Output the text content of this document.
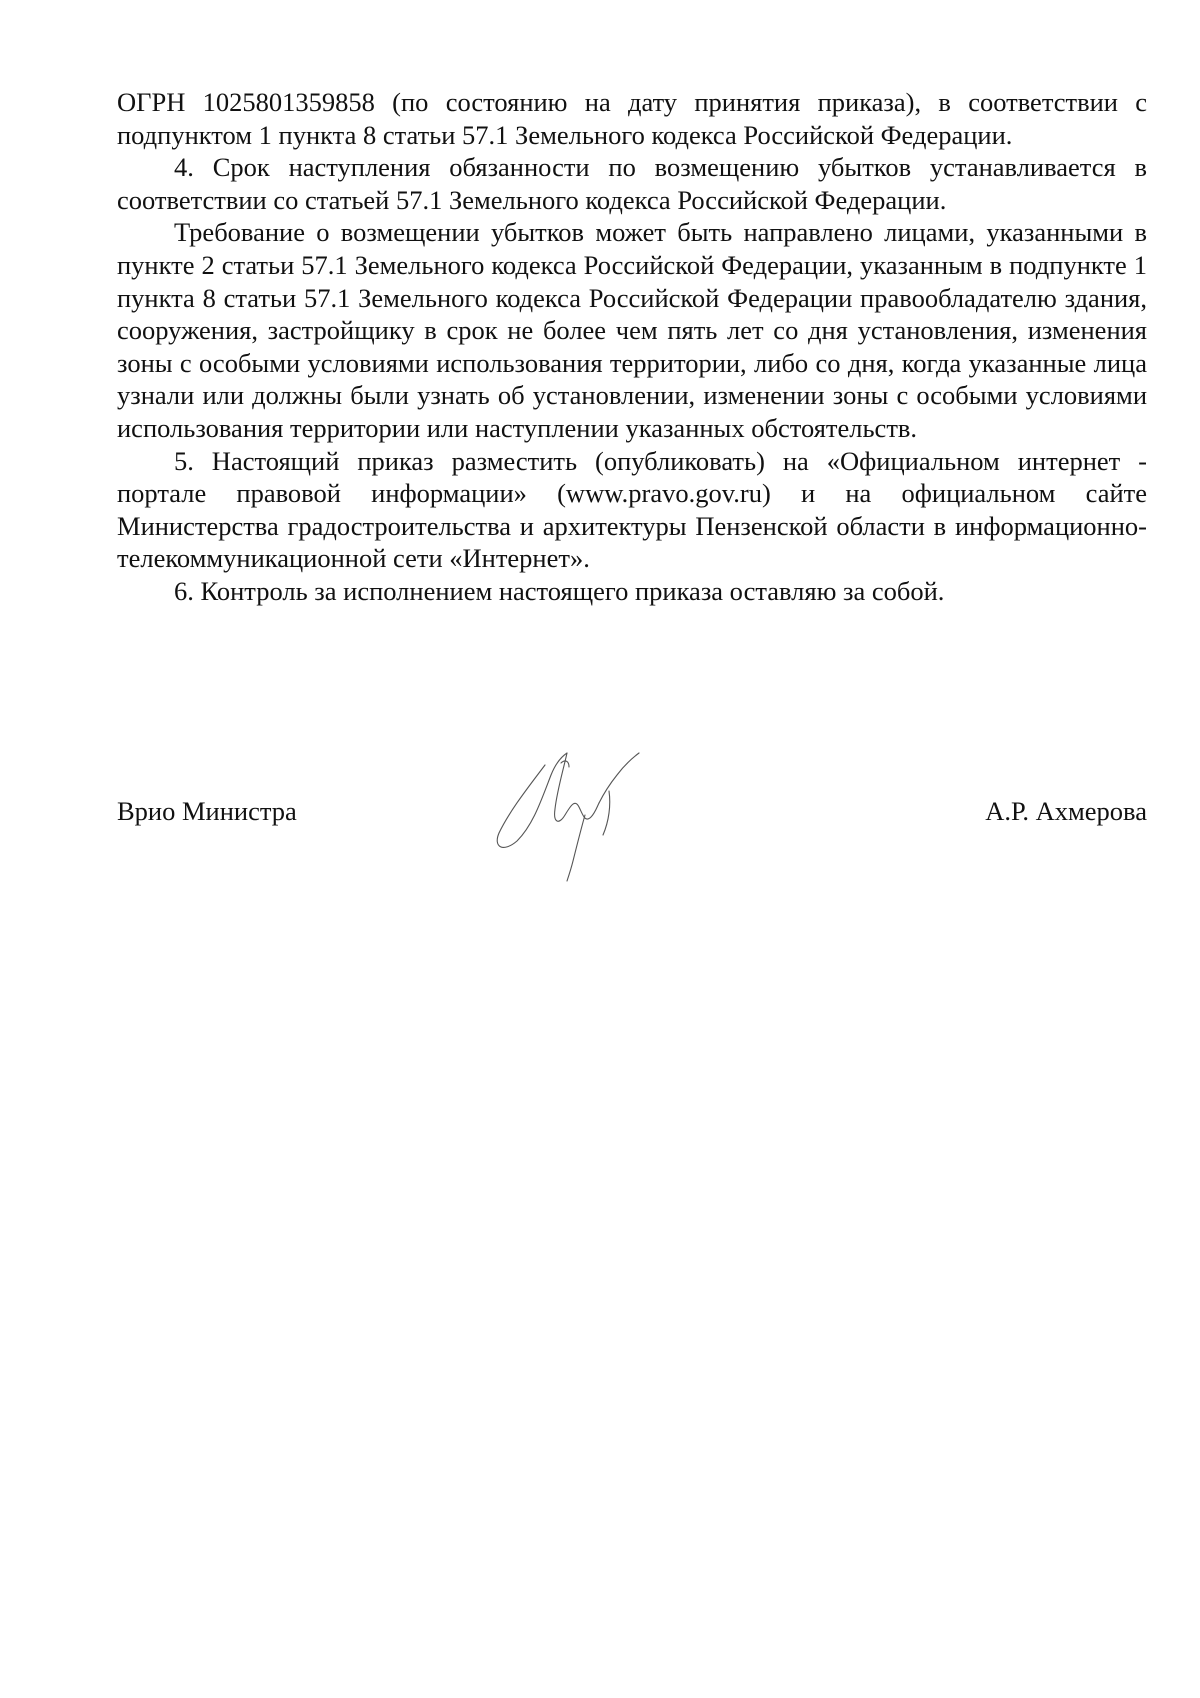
ОГРН 1025801359858 (по состоянию на дату принятия приказа), в соответствии с подпунктом 1 пункта 8 статьи 57.1 Земельного кодекса Российской Федерации.

4. Срок наступления обязанности по возмещению убытков устанавливается в соответствии со статьей 57.1 Земельного кодекса Российской Федерации.

Требование о возмещении убытков может быть направлено лицами, указанными в пункте 2 статьи 57.1 Земельного кодекса Российской Федерации, указанным в подпункте 1 пункта 8 статьи 57.1 Земельного кодекса Российской Федерации правообладателю здания, сооружения, застройщику в срок не более чем пять лет со дня установления, изменения зоны с особыми условиями использования территории, либо со дня, когда указанные лица узнали или должны были узнать об установлении, изменении зоны с особыми условиями использования территории или наступлении указанных обстоятельств.

5. Настоящий приказ разместить (опубликовать) на «Официальном интернет - портале правовой информации» (www.pravo.gov.ru) и на официальном сайте Министерства градостроительства и архитектуры Пензенской области в информационно-телекоммуникационной сети «Интернет».

6. Контроль за исполнением настоящего приказа оставляю за собой.

Врио Министра	А.Р. Ахмерова
